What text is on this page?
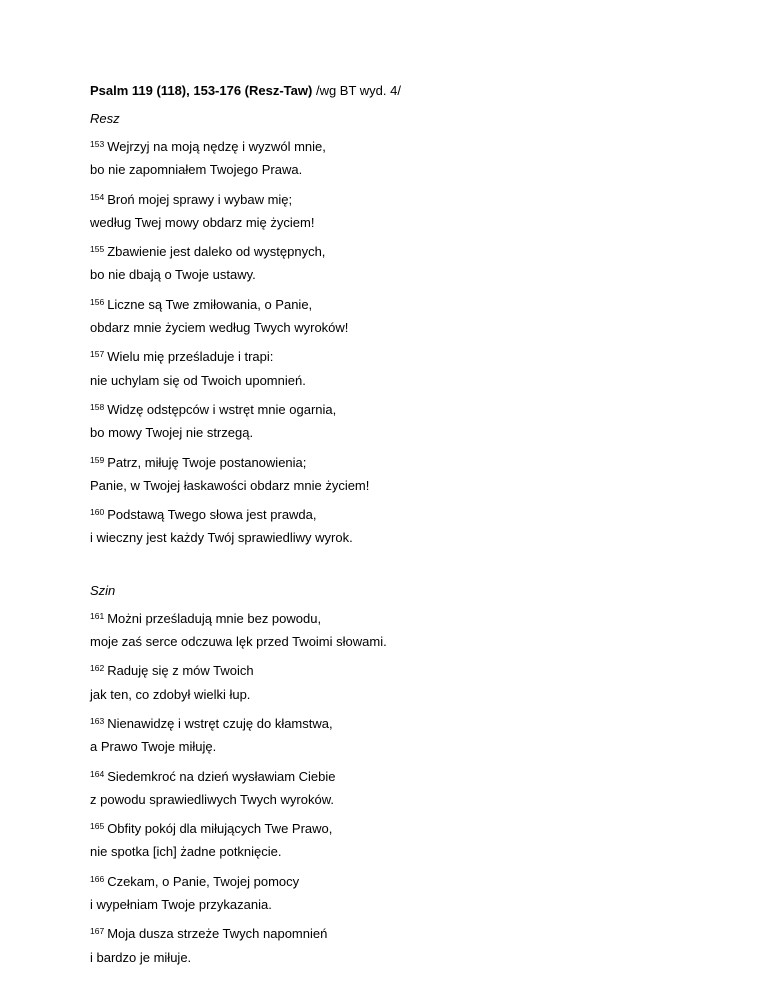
Psalm 119 (118), 153-176 (Resz-Taw) /wg BT wyd. 4/
Resz
$^{153}$ Wejrzyj na moją nędzę i wyzwól mnie,
bo nie zapomniałem Twojego Prawa.
$^{154}$ Broń mojej sprawy i wybaw mię;
według Twej mowy obdarz mię życiem!
$^{155}$ Zbawienie jest daleko od występnych,
bo nie dbają o Twoje ustawy.
$^{156}$ Liczne są Twe zmiłowania, o Panie,
obdarz mnie życiem według Twych wyroków!
$^{157}$ Wielu mię prześladuje i trapi:
nie uchylam się od Twoich upomnień.
$^{158}$ Widzę odstępców i wstręt mnie ogarnia,
bo mowy Twojej nie strzegą.
$^{159}$ Patrz, miłuję Twoje postanowienia;
Panie, w Twojej łaskawości obdarz mnie życiem!
$^{160}$ Podstawą Twego słowa jest prawda,
i wieczny jest każdy Twój sprawiedliwy wyrok.
Szin
$^{161}$ Możni prześladują mnie bez powodu,
moje zaś serce odczuwa lęk przed Twoimi słowami.
$^{162}$ Raduję się z mów Twoich
jak ten, co zdobył wielki łup.
$^{163}$ Nienawidzę i wstręt czuję do kłamstwa,
a Prawo Twoje miłuję.
$^{164}$ Siedemkroć na dzień wysławiam Ciebie
z powodu sprawiedliwych Twych wyroków.
$^{165}$ Obfity pokój dla miłujących Twe Prawo,
nie spotka [ich] żadne potknięcie.
$^{166}$ Czekam, o Panie, Twojej pomocy
i wypełniam Twoje przykazania.
$^{167}$ Moja dusza strzeże Twych napomnień
i bardzo je miłuje.
